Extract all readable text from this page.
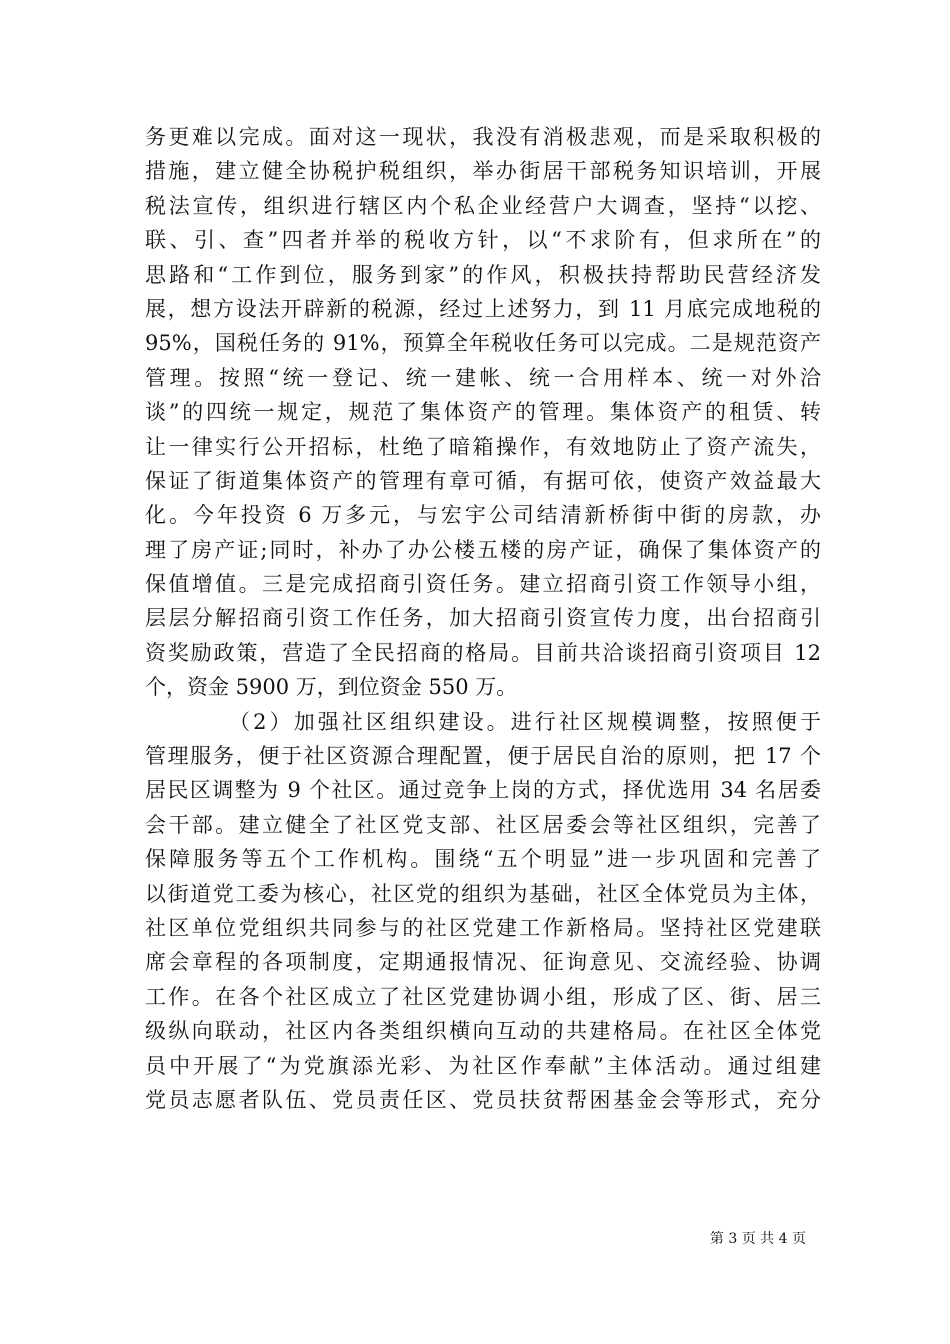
务更难以完成。面对这一现状，我没有消极悲观，而是采取积极的
措施，建立健全协税护税组织，举办街居干部税务知识培训，开展
税法宣传，组织进行辖区内个私企业经营户大调查，坚持“以挖、
联、引、查”四者并举的税收方针，以“不求阶有，但求所在”的
思路和“工作到位，服务到家”的作风，积极扶持帮助民营经济发
展，想方设法开辟新的税源，经过上述努力，到 11 月底完成地税的
95%，国税任务的 91%，预算全年税收任务可以完成。二是规范资产
管理。按照“统一登记、统一建帐、统一合用样本、统一对外洽
谈”的四统一规定，规范了集体资产的管理。集体资产的租赁、转
让一律实行公开招标，杜绝了暗箱操作，有效地防止了资产流失，
保证了街道集体资产的管理有章可循，有据可依，使资产效益最大
化。今年投资 6 万多元，与宏宇公司结清新桥街中街的房款，办
理了房产证;同时，补办了办公楼五楼的房产证，确保了集体资产的
保值增值。三是完成招商引资任务。建立招商引资工作领导小组，
层层分解招商引资工作任务，加大招商引资宣传力度，出台招商引
资奖励政策，营造了全民招商的格局。目前共洽谈招商引资项目 12
个，资金 5900 万，到位资金 550 万。
（2）加强社区组织建设。进行社区规模调整，按照便于
管理服务，便于社区资源合理配置，便于居民自治的原则，把 17 个
居民区调整为 9 个社区。通过竞争上岗的方式，择优选用 34 名居委
会干部。建立健全了社区党支部、社区居委会等社区组织，完善了
保障服务等五个工作机构。围绕“五个明显”进一步巩固和完善了
以街道党工委为核心，社区党的组织为基础，社区全体党员为主体，
社区单位党组织共同参与的社区党建工作新格局。坚持社区党建联
席会章程的各项制度，定期通报情况、征询意见、交流经验、协调
工作。在各个社区成立了社区党建协调小组，形成了区、街、居三
级纵向联动，社区内各类组织横向互动的共建格局。在社区全体党
员中开展了“为党旗添光彩、为社区作奉献”主体活动。通过组建
党员志愿者队伍、党员责任区、党员扶贫帮困基金会等形式，充分
第 3 页 共 4 页
